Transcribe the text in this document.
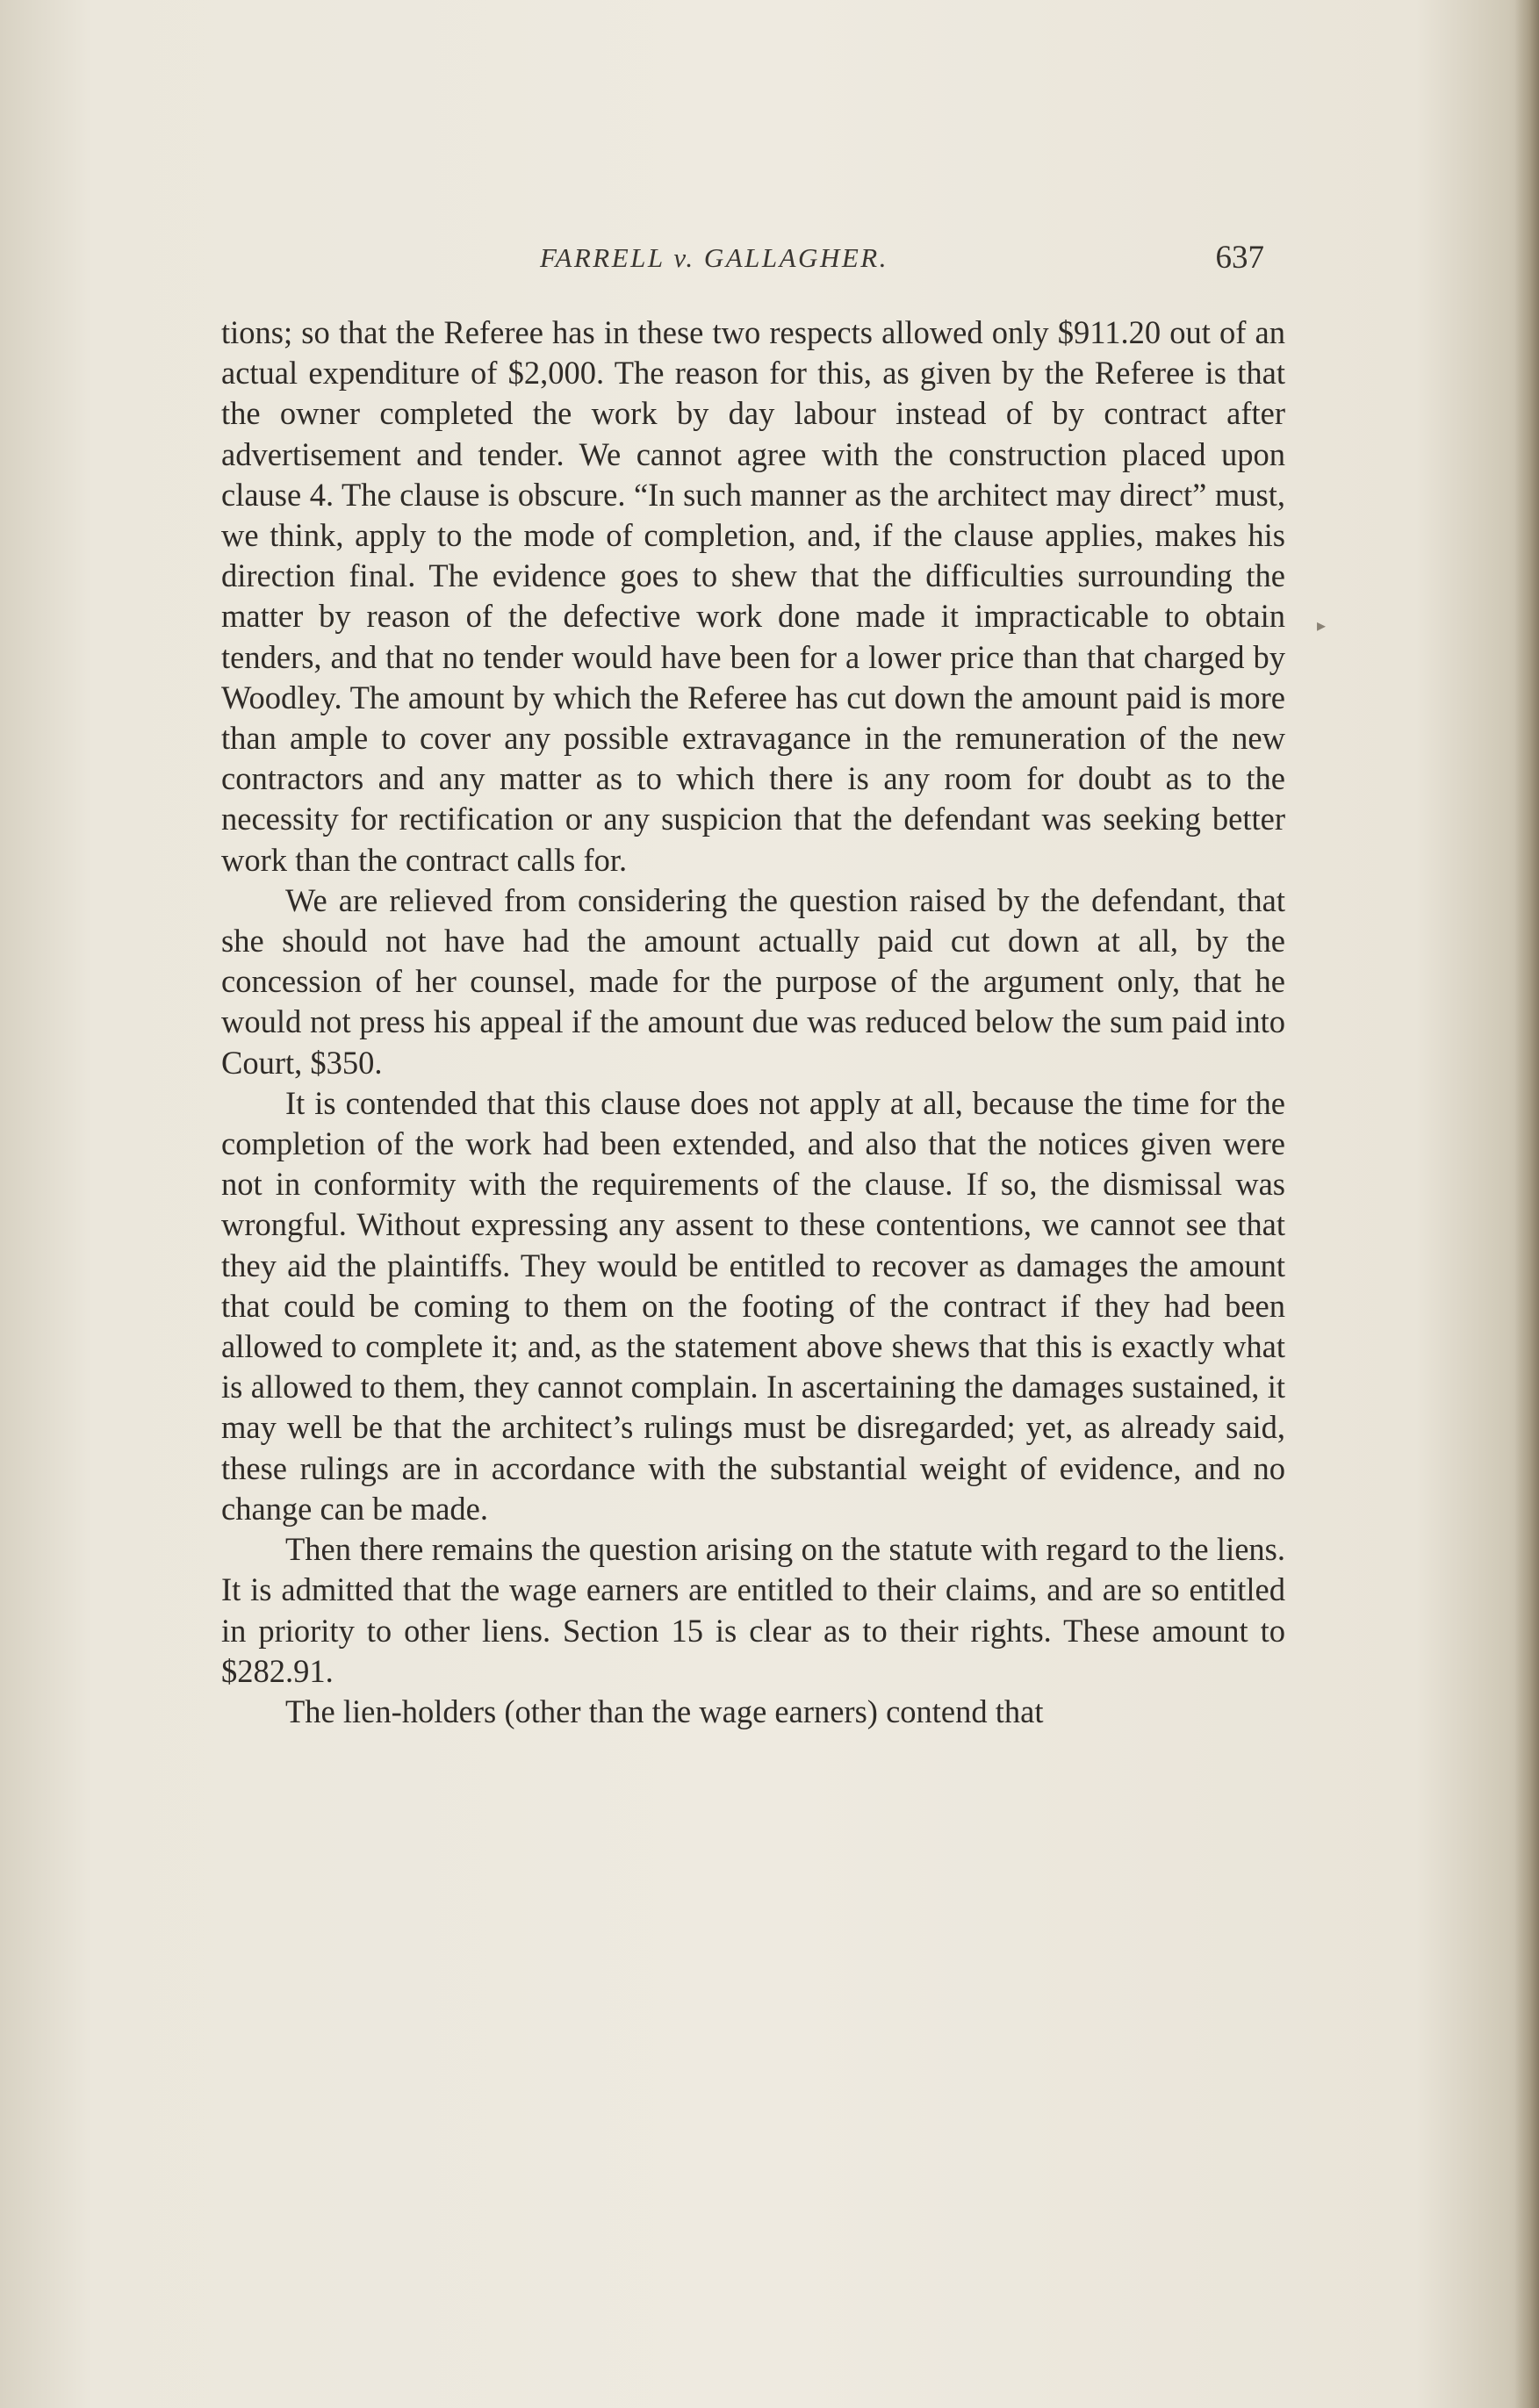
FARRELL v. GALLAGHER.	637
▸

tions; so that the Referee has in these two respects allowed only $911.20 out of an actual expenditure of $2,000. The reason for this, as given by the Referee is that the owner completed the work by day labour instead of by contract after advertisement and tender. We cannot agree with the construction placed upon clause 4. The clause is obscure. “In such manner as the architect may direct” must, we think, apply to the mode of completion, and, if the clause applies, makes his direction final. The evidence goes to shew that the difficulties surrounding the matter by reason of the defective work done made it impracticable to obtain tenders, and that no tender would have been for a lower price than that charged by Woodley. The amount by which the Referee has cut down the amount paid is more than ample to cover any possible extravagance in the remuneration of the new contractors and any matter as to which there is any room for doubt as to the necessity for rectification or any suspicion that the defendant was seeking better work than the contract calls for.

We are relieved from considering the question raised by the defendant, that she should not have had the amount actually paid cut down at all, by the concession of her counsel, made for the purpose of the argument only, that he would not press his appeal if the amount due was reduced below the sum paid into Court, $350.

It is contended that this clause does not apply at all, because the time for the completion of the work had been extended, and also that the notices given were not in conformity with the requirements of the clause. If so, the dismissal was wrongful. Without expressing any assent to these contentions, we cannot see that they aid the plaintiffs. They would be entitled to recover as damages the amount that could be coming to them on the footing of the contract if they had been allowed to complete it; and, as the statement above shews that this is exactly what is allowed to them, they cannot complain. In ascertaining the damages sustained, it may well be that the architect’s rulings must be disregarded; yet, as already said, these rulings are in accordance with the substantial weight of evidence, and no change can be made.

Then there remains the question arising on the statute with regard to the liens. It is admitted that the wage earners are entitled to their claims, and are so entitled in priority to other liens. Section 15 is clear as to their rights. These amount to $282.91.

The lien-holders (other than the wage earners) contend that
